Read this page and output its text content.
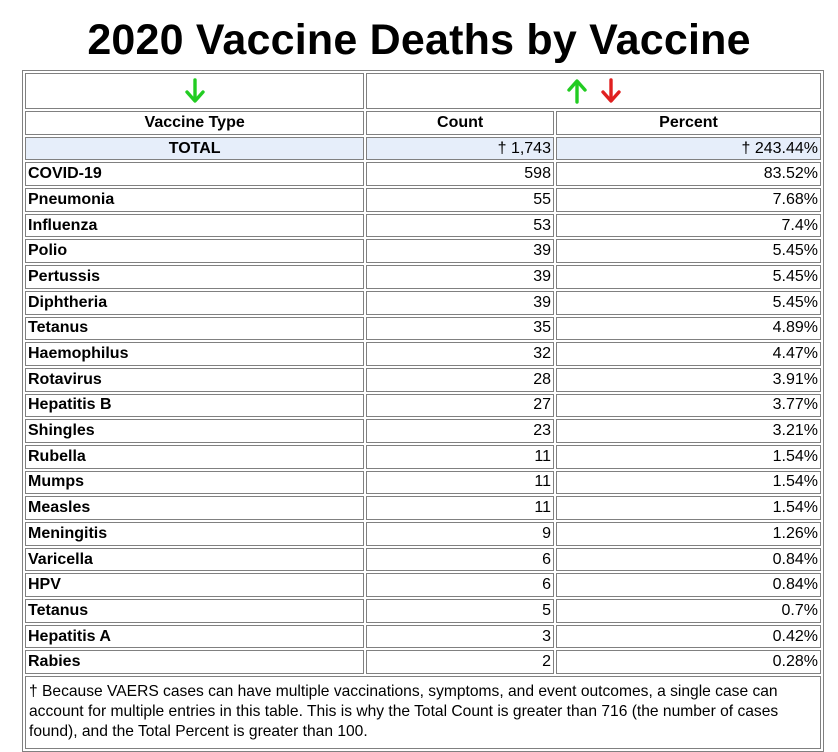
2020 Vaccine Deaths by Vaccine

Vaccine Type	Count	Percent
TOTAL	† 1,743	† 243.44%
COVID-19	598	83.52%
Pneumonia	55	7.68%
Influenza	53	7.4%
Polio	39	5.45%
Pertussis	39	5.45%
Diphtheria	39	5.45%
Tetanus	35	4.89%
Haemophilus	32	4.47%
Rotavirus	28	3.91%
Hepatitis B	27	3.77%
Shingles	23	3.21%
Rubella	11	1.54%
Mumps	11	1.54%
Measles	11	1.54%
Meningitis	9	1.26%
Varicella	6	0.84%
HPV	6	0.84%
Tetanus	5	0.7%
Hepatitis A	3	0.42%
Rabies	2	0.28%
† Because VAERS cases can have multiple vaccinations, symptoms, and event outcomes, a single case can account for multiple entries in this table. This is why the Total Count is greater than 716 (the number of cases found), and the Total Percent is greater than 100.		
